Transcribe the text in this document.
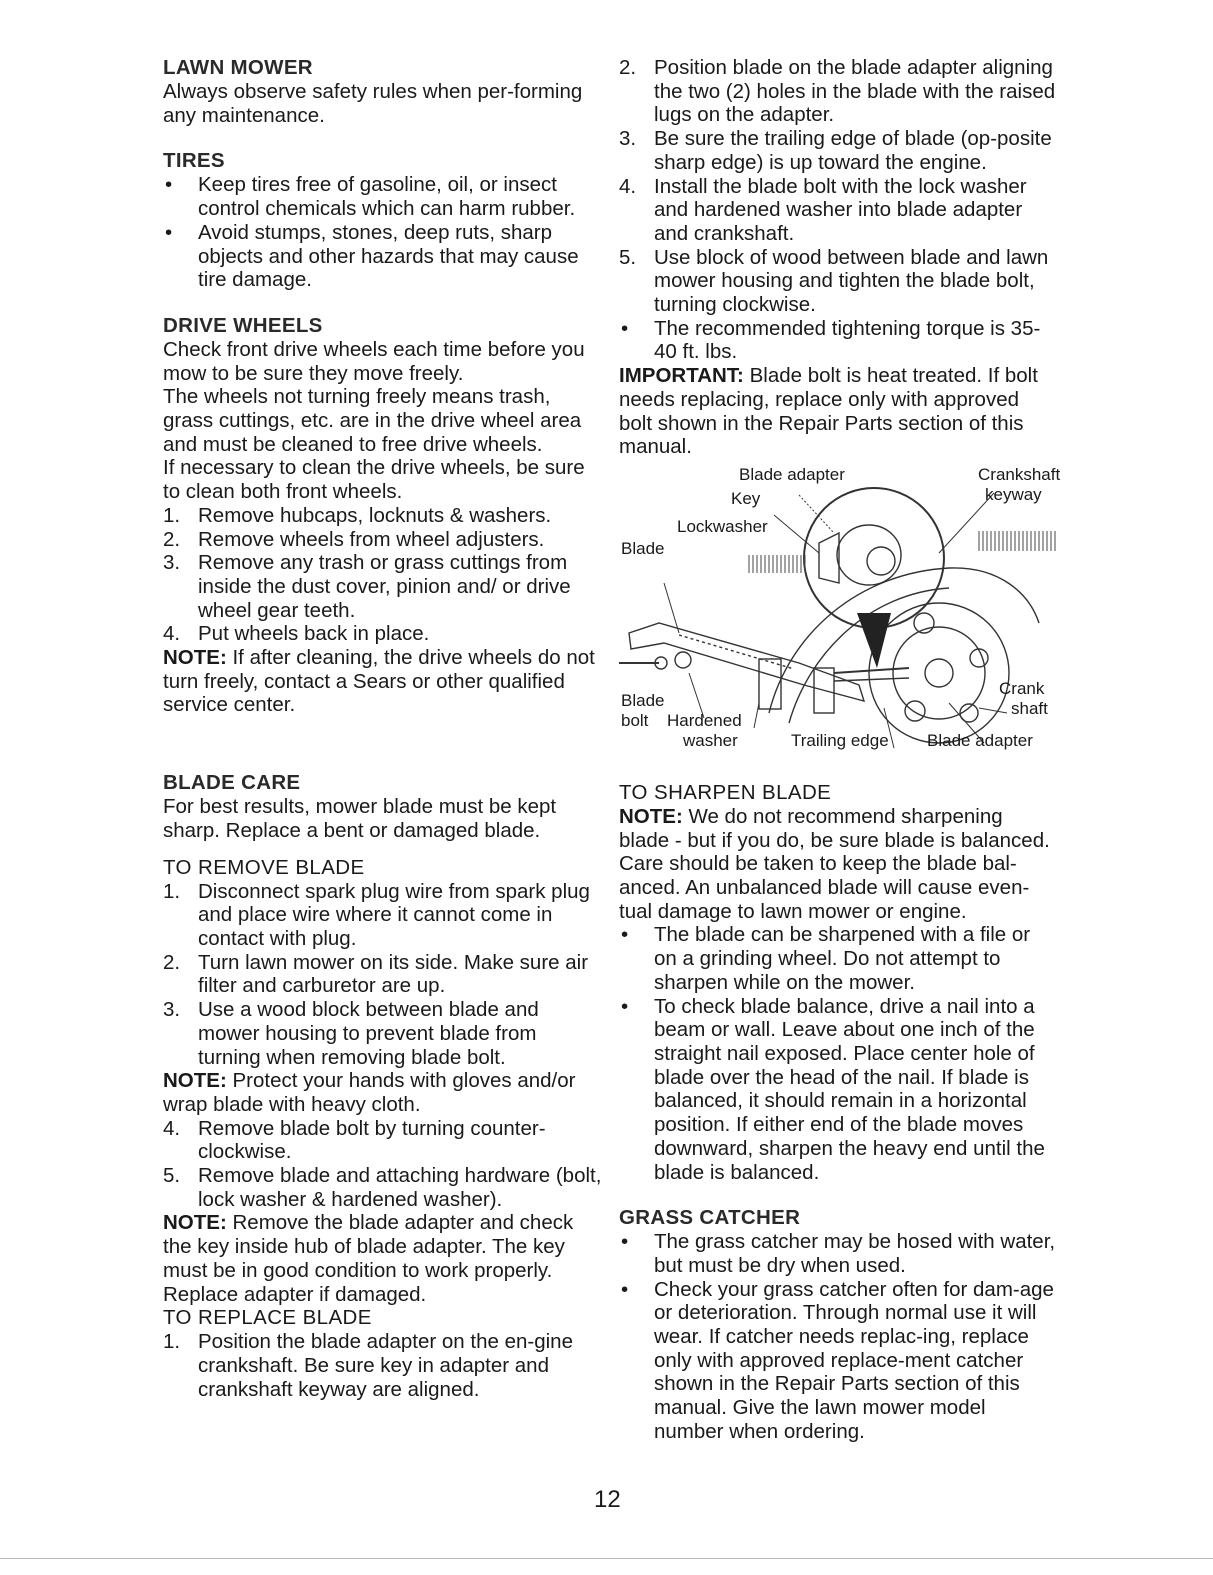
LAWN MOWER

Always observe safety rules when per-forming any maintenance.

TIRES
•	Keep tires free of gasoline, oil, or insect control chemicals which can harm rubber.
•	Avoid stumps, stones, deep ruts, sharp objects and other hazards that may cause tire damage.
DRIVE WHEELS

Check front drive wheels each time before you mow to be sure they move freely.

The wheels not turning freely means trash, grass cuttings, etc. are in the drive wheel area and must be cleaned to free drive wheels.

If necessary to clean the drive wheels, be sure to clean both front wheels.

1. Remove hubcaps, locknuts & washers.
2. Remove wheels from wheel adjusters.
3. Remove any trash or grass cuttings from inside the dust cover, pinion and/ or drive wheel gear teeth.
4. Put wheels back in place.

NOTE: If after cleaning, the drive wheels do not turn freely, contact a Sears or other qualified service center.

BLADE CARE

For best results, mower blade must be kept sharp. Replace a bent or damaged blade.

TO REMOVE BLADE
1. Disconnect spark plug wire from spark plug and place wire where it cannot come in contact with plug.
2. Turn lawn mower on its side. Make sure air filter and carburetor are up.
3. Use a wood block between blade and mower housing to prevent blade from turning when removing blade bolt.

NOTE: Protect your hands with gloves and/or wrap blade with heavy cloth.

4. Remove blade bolt by turning counter-clockwise.
5. Remove blade and attaching hardware (bolt, lock washer & hardened washer).

NOTE: Remove the blade adapter and check the key inside hub of blade adapter. The key must be in good condition to work properly. Replace adapter if damaged.

TO REPLACE BLADE
1. Position the blade adapter on the en-gine crankshaft. Be sure key in adapter and crankshaft keyway are aligned.
2. Position blade on the blade adapter aligning the two (2) holes in the blade with the raised lugs on the adapter.
3. Be sure the trailing edge of blade (op-posite sharp edge) is up toward the engine.
4. Install the blade bolt with the lock washer and hardened washer into blade adapter and crankshaft.
5. Use block of wood between blade and lawn mower housing and tighten the blade bolt, turning clockwise.
•	The recommended tightening torque is 35-40 ft. lbs.

IMPORTANT: Blade bolt is heat treated. If bolt needs replacing, replace only with approved bolt shown in the Repair Parts section of this manual.

Blade adapter	Crankshaft
keyway
Key
Lockwasher
Blade
Blade
bolt Hardened
washer	Trailing edge Blade adapter
Crank
shaft
TO SHARPEN BLADE

NOTE: We do not recommend sharpening blade - but if you do, be sure blade is balanced. Care should be taken to keep the blade bal-anced. An unbalanced blade will cause even-tual damage to lawn mower or engine.

•	The blade can be sharpened with a file or on a grinding wheel. Do not attempt to sharpen while on the mower.
•	To check blade balance, drive a nail into a beam or wall. Leave about one inch of the straight nail exposed. Place center hole of blade over the head of the nail. If blade is balanced, it should remain in a horizontal position. If either end of the blade moves downward, sharpen the heavy end until the blade is balanced.
GRASS CATCHER
•	The grass catcher may be hosed with water, but must be dry when used.
•	Check your grass catcher often for dam-age or deterioration. Through normal use it will wear. If catcher needs replac-ing, replace only with approved replace-ment catcher shown in the Repair Parts section of this manual. Give the lawn mower model number when ordering.
12
